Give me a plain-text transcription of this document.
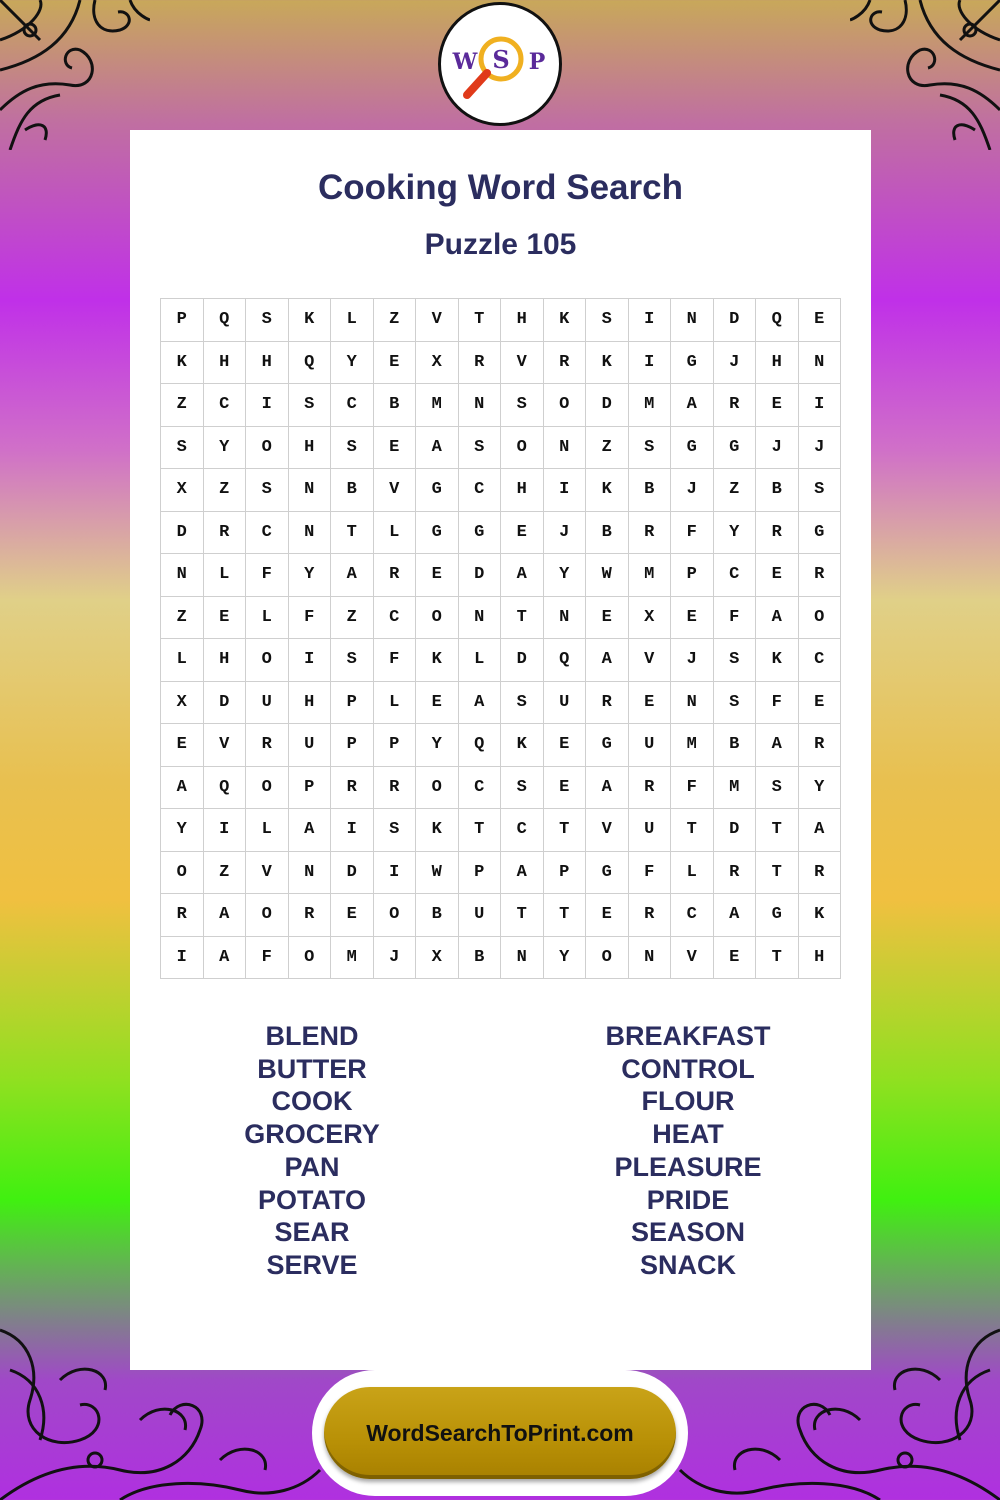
W S P
Cooking Word Search
Puzzle 105
P	Q	S	K	L	Z	V	T	H	K	S	I	N	D	Q	E
K	H	H	Q	Y	E	X	R	V	R	K	I	G	J	H	N
Z	C	I	S	C	B	M	N	S	O	D	M	A	R	E	I
S	Y	O	H	S	E	A	S	O	N	Z	S	G	G	J	J
X	Z	S	N	B	V	G	C	H	I	K	B	J	Z	B	S
D	R	C	N	T	L	G	G	E	J	B	R	F	Y	R	G
N	L	F	Y	A	R	E	D	A	Y	W	M	P	C	E	R
Z	E	L	F	Z	C	O	N	T	N	E	X	E	F	A	O
L	H	O	I	S	F	K	L	D	Q	A	V	J	S	K	C
X	D	U	H	P	L	E	A	S	U	R	E	N	S	F	E
E	V	R	U	P	P	Y	Q	K	E	G	U	M	B	A	R
A	Q	O	P	R	R	O	C	S	E	A	R	F	M	S	Y
Y	I	L	A	I	S	K	T	C	T	V	U	T	D	T	A
O	Z	V	N	D	I	W	P	A	P	G	F	L	R	T	R
R	A	O	R	E	O	B	U	T	T	E	R	C	A	G	K
I	A	F	O	M	J	X	B	N	Y	O	N	V	E	T	H
BLEND
BUTTER
COOK
GROCERY
PAN
POTATO
SEAR
SERVE
BREAKFAST
CONTROL
FLOUR
HEAT
PLEASURE
PRIDE
SEASON
SNACK
WordSearchToPrint.com
